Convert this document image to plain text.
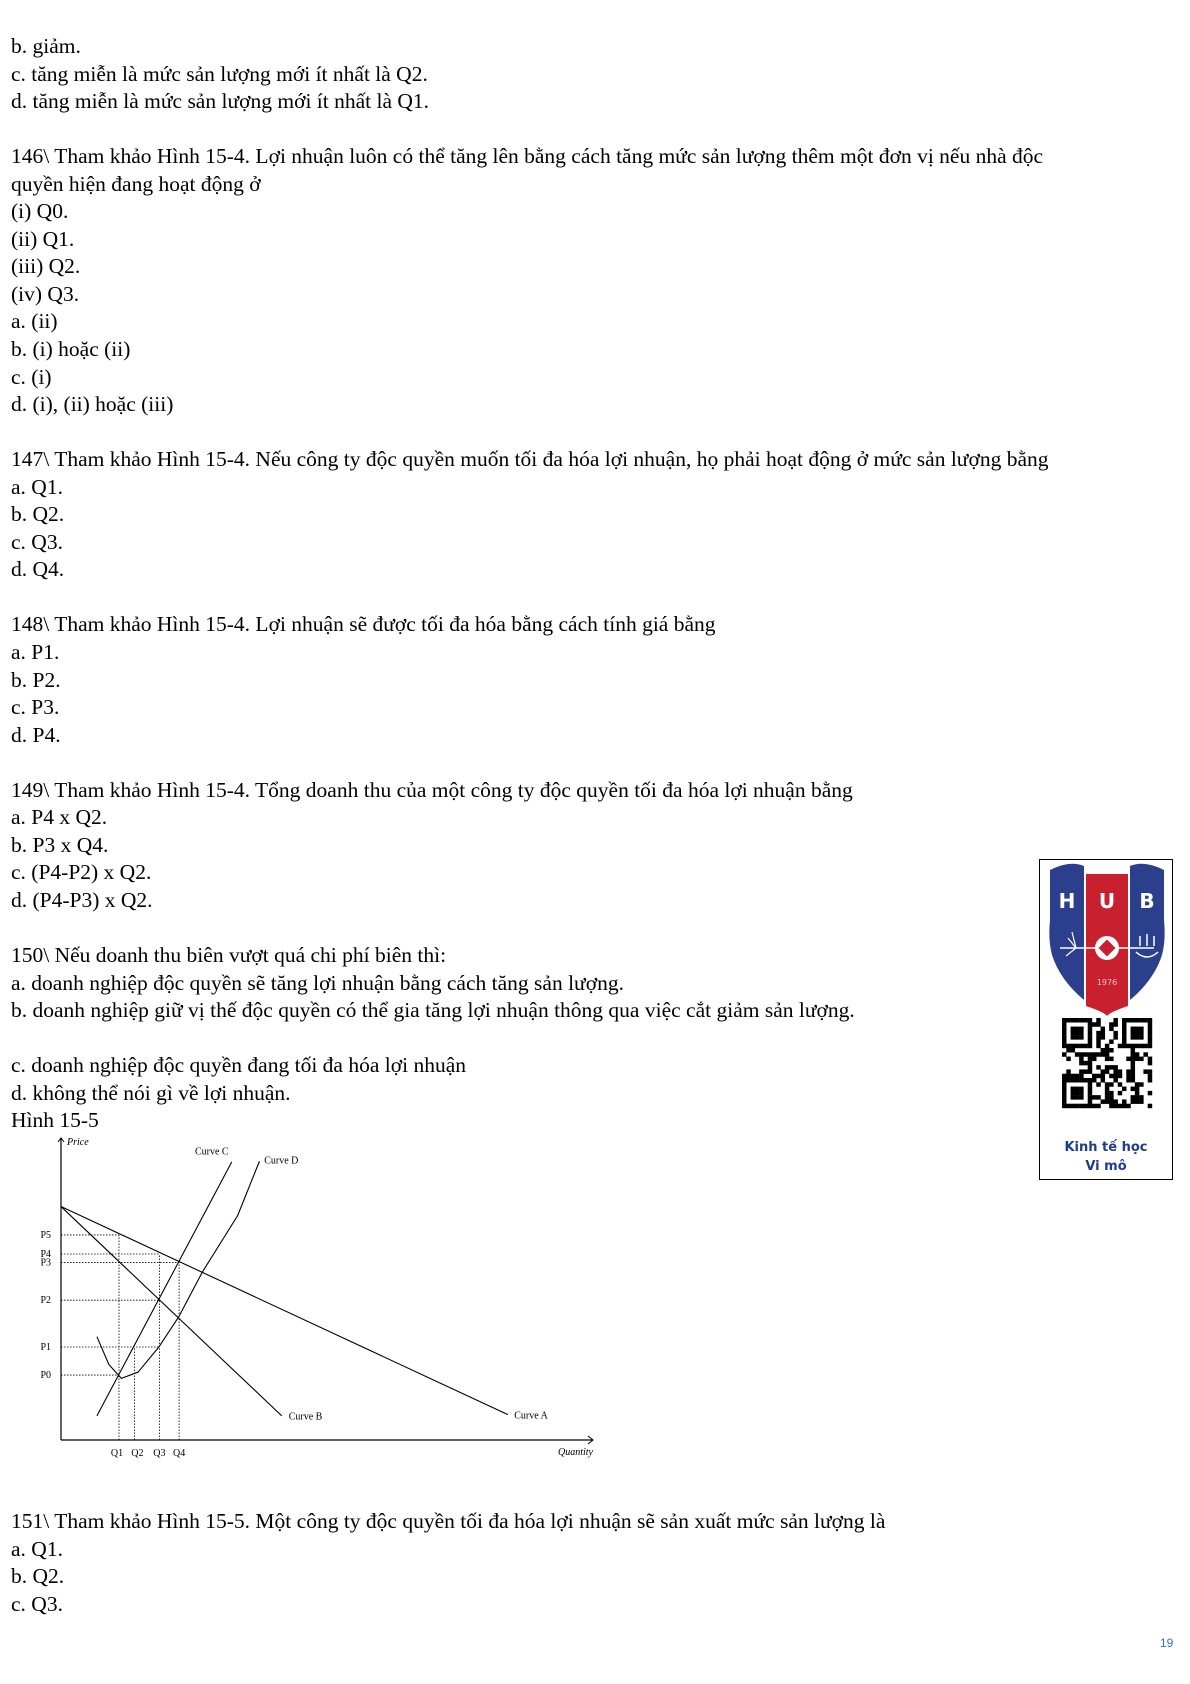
b. giảm.
c. tăng miễn là mức sản lượng mới ít nhất là Q2.
d. tăng miễn là mức sản lượng mới ít nhất là Q1.
146\ Tham khảo Hình 15-4. Lợi nhuận luôn có thể tăng lên bằng cách tăng mức sản lượng thêm một đơn vị nếu nhà độc
quyền hiện đang hoạt động ở
(i) Q0.
(ii) Q1.
(iii) Q2.
(iv) Q3.
a. (ii)
b. (i) hoặc (ii)
c. (i)
d. (i), (ii) hoặc (iii)
147\ Tham khảo Hình 15-4. Nếu công ty độc quyền muốn tối đa hóa lợi nhuận, họ phải hoạt động ở mức sản lượng bằng
a. Q1.
b. Q2.
c. Q3.
d. Q4.
148\ Tham khảo Hình 15-4. Lợi nhuận sẽ được tối đa hóa bằng cách tính giá bằng
a. P1.
b. P2.
c. P3.
d. P4.
149\ Tham khảo Hình 15-4. Tổng doanh thu của một công ty độc quyền tối đa hóa lợi nhuận bằng
a. P4 x Q2.
b. P3 x Q4.
c. (P4-P2) x Q2.
d. (P4-P3) x Q2.
150\ Nếu doanh thu biên vượt quá chi phí biên thì:
a. doanh nghiệp độc quyền sẽ tăng lợi nhuận bằng cách tăng sản lượng.
b. doanh nghiệp giữ vị thế độc quyền có thể gia tăng lợi nhuận thông qua việc cắt giảm sản lượng.
c. doanh nghiệp độc quyền đang tối đa hóa lợi nhuận
d. không thể nói gì về lợi nhuận.
Hình 15-5
Price
Quantity
P5
P4
P3
P2
P1
P0
Q1 Q2 Q3 Q4
Curve A
Curve B
Curve C
Curve D
151\ Tham khảo Hình 15-5. Một công ty độc quyền tối đa hóa lợi nhuận sẽ sản xuất mức sản lượng là
a. Q1.
b. Q2.
c. Q3.
H U B
1976
Kinh tế học
Vi mô
19
